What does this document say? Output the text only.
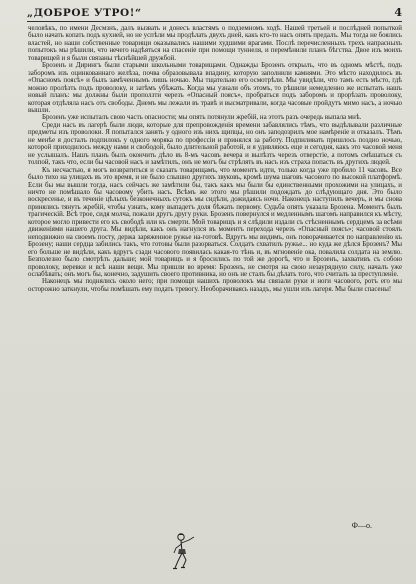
„ДОБРОЕ УТРО!“	4

человѣкъ, по имени Десмзнъ, далъ вызвать и донесъ властямъ о подземномъ ходѣ. Нашей третьей и послѣдней попыткой было начать копать подъ кухней, но не успѣли мы продѣлать двухъ дней, какъ кто-то насъ опять предалъ. Мы тогда не боялись властей, но наши собственные товарищи оказывались нашими худшими врагами. Послѣ перечисленныхъ трехъ напрасныхъ попытокъ мы рѣшили, что нечего надѣяться на спасеніе при помощи туннеля, и перемѣнили планъ бѣгства. Двое изъ моихъ товарищей и я были связаны тѣснѣйшей дружбой.

Брозенъ и Дирингъ были старыми школьными товарищами. Однажды Брозенъ открылъ, что въ одномъ мѣстѣ, подъ заборомъ изъ оцинкованнаго желѣза, почва образовывала впадину, которую заполнили камнями. Это мѣсто находилось въ «Опасномъ поясѣ» и былъ замѣченнымъ лишь ночью. Мы тщательно его осмотрѣли. Мы увидѣли, что тамъ есть мѣсто, гдѣ можно пролѣзть подъ проволоку, и затѣмъ убѣжать. Когда мы узнали объ этомъ, то рѣшили немедленно же испытать нашъ новый планъ: мы должны были проползти черезъ «Опасный поясъ», пробраться подъ заборомъ и прорѣзать проволоку, которая отдѣляла насъ отъ свободы. Днемъ мы лежали въ травѣ и высматривали, когда часовые пройдутъ мимо насъ, а ночью вышли.

Брозенъ уже испыталъ свою часть опасности; мы опять потянули жребій, на этотъ разъ очередь выпала мнѣ.

Среди насъ въ лагерѣ были люди, которые для препровожденія времени забавлялись тѣмъ, что выдѣлывали различные предметы изъ проволоки. Я попытался занять у одного изъ нихъ щипцы, но онъ заподозрилъ мое намѣреніе и отказалъ. Тѣмъ не менѣе я досталъ подпилокъ у одного моряка по профессіи и принялся за работу. Подпиливать пришлось поздно ночью, которой приходилось между нами и свободой, было длительной работой, и я удивляюсь еще и сегодня, какъ это часовой меня не услышалъ. Нашъ планъ былъ окончить дѣло въ 8-мъ часовъ вечера и вылѣзть черезъ отверстіе, а потомъ смѣшаться съ толпой, такъ что, если бы часовой насъ и замѣтилъ, онъ не могъ бы стрѣлять въ насъ изъ страха попасть въ другихъ людей.

Къ несчастью, я могъ возвратиться и сказать товарищамъ, что моментъ идти, только когда уже пробило 11 часовъ. Все было тихо на улицахъ въ это время, и не было слышно другихъ звуковъ, кромѣ шума шаговъ часового по высокой платформѣ. Если бы мы вышли тогда, насъ сейчасъ же замѣтили бы, такъ какъ мы были бы единственными прохожими на улицахъ, и ничто не помѣшало бы часовому убить насъ. Всѣмъ же этого мы рѣшили подождать до слѣдующаго дня. Это было воскресенье, и въ теченіе цѣлыхъ безконечныхъ сутокъ мы сидѣли, дожидаясь ночи. Наконецъ наступилъ вечеръ, и мы снова принялись тянуть жребій, чтобы узнать, кому выпадетъ доля бѣжать первому. Судьба опять указала Брозена. Моментъ былъ трагическій. Всѣ трое, сидя молча, пожали другъ другу руки. Брозенъ повернулся и медленнымъ шагомъ направился къ мѣсту, которое могло привести его къ свободѣ или къ смерти. Мой товарищъ и я слѣдили издали съ стѣсненнымъ сердцемъ за всѣми движеніями нашего друга. Мы видѣли, какъ онъ нагнулся въ моментъ перехода черезъ «Опасный поясъ»; часовой стоялъ неподвижно на своемъ посту, держа заряженное ружье на-готовѣ. Вдругъ мы видимъ, онъ поворачивается по направленію къ Брозену; наши сердца забились такъ, что готовы были разорваться. Солдатъ схватилъ ружье... но куда же дѣлся Брозенъ? Мы его больше не видѣли, какъ вдругъ сзади часового появилась какая-то тѣнь и, въ мгновеніе ока, повалила солдата на землю. Безполезно было смотрѣть дальше; мой товарищъ и я бросились по той же дорогѣ, что и Брозенъ, захвативъ съ собою проволоку, веревки и всѣ наши вещи. Мы пришли во время: Брозенъ, не смотря на свою незаурядную силу, началъ уже ослабѣвать; онъ могъ бы, конечно, задушить своего противника, но онъ не сталъ бы дѣлать того, что считалъ за преступленіе.

Наконецъ мы поднялись около него; при помощи нашихъ проволокъ мы связали руки и ноги часового, ротъ его мы осторожно заткнули, чтобы помѣшать ему подать тревогу. Необорачиваясь назадъ, мы ушли изъ лагеря. Мы были спасены!

Ф—о.
